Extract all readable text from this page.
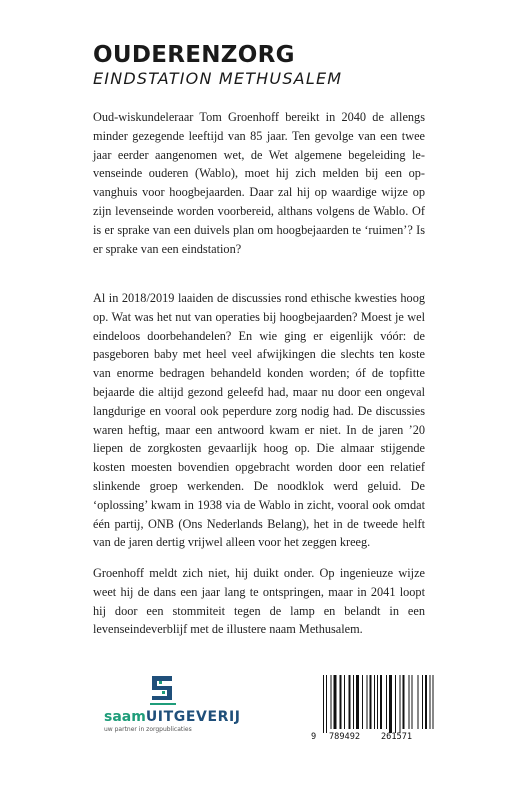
OUDERENZORG
EINDSTATION METHUSALEM

Oud-wiskundeleraar Tom Groenhoff bereikt in 2040 de allengs minder gezegende leeftijd van 85 jaar. Ten gevolge van een twee jaar eerder aangenomen wet, de Wet algemene begeleiding levenseinde ouderen (Wablo), moet hij zich melden bij een opvanghuis voor hoogbejaarden. Daar zal hij op waardige wijze op zijn levenseinde worden voorbereid, althans volgens de Wablo. Of is er sprake van een duivels plan om hoogbejaarden te ‘ruimen’? Is er sprake van een eindstation?

Al in 2018/2019 laaiden de discussies rond ethische kwesties hoog op. Wat was het nut van operaties bij hoogbejaarden? Moest je wel eindeloos doorbehandelen? En wie ging er eigenlijk vóór: de pasgeboren baby met heel veel afwijkingen die slechts ten koste van enorme bedragen behandeld konden worden; óf de topfitte bejaarde die altijd gezond geleefd had, maar nu door een ongeval langdurige en vooral ook peperdure zorg nodig had. De discussies waren heftig, maar een antwoord kwam er niet. In de jaren ’20 liepen de zorgkosten gevaarlijk hoog op. Die almaar stijgende kosten moesten bovendien opgebracht worden door een relatief slinkende groep werkenden. De noodklok werd geluid. De ‘oplossing’ kwam in 1938 via de Wablo in zicht, vooral ook omdat één partij, ONB (Ons Nederlands Belang), het in de tweede helft van de jaren dertig vrijwel alleen voor het zeggen kreeg.

Groenhoff meldt zich niet, hij duikt onder. Op ingenieuze wijze weet hij de dans een jaar lang te ontspringen, maar in 2041 loopt hij door een stommiteit tegen de lamp en belandt in een levenseindeverblijf met de illustere naam Methusalem.

saamUITGEVERIJ
uw partner in zorgpublicaties
9 789492 261571
